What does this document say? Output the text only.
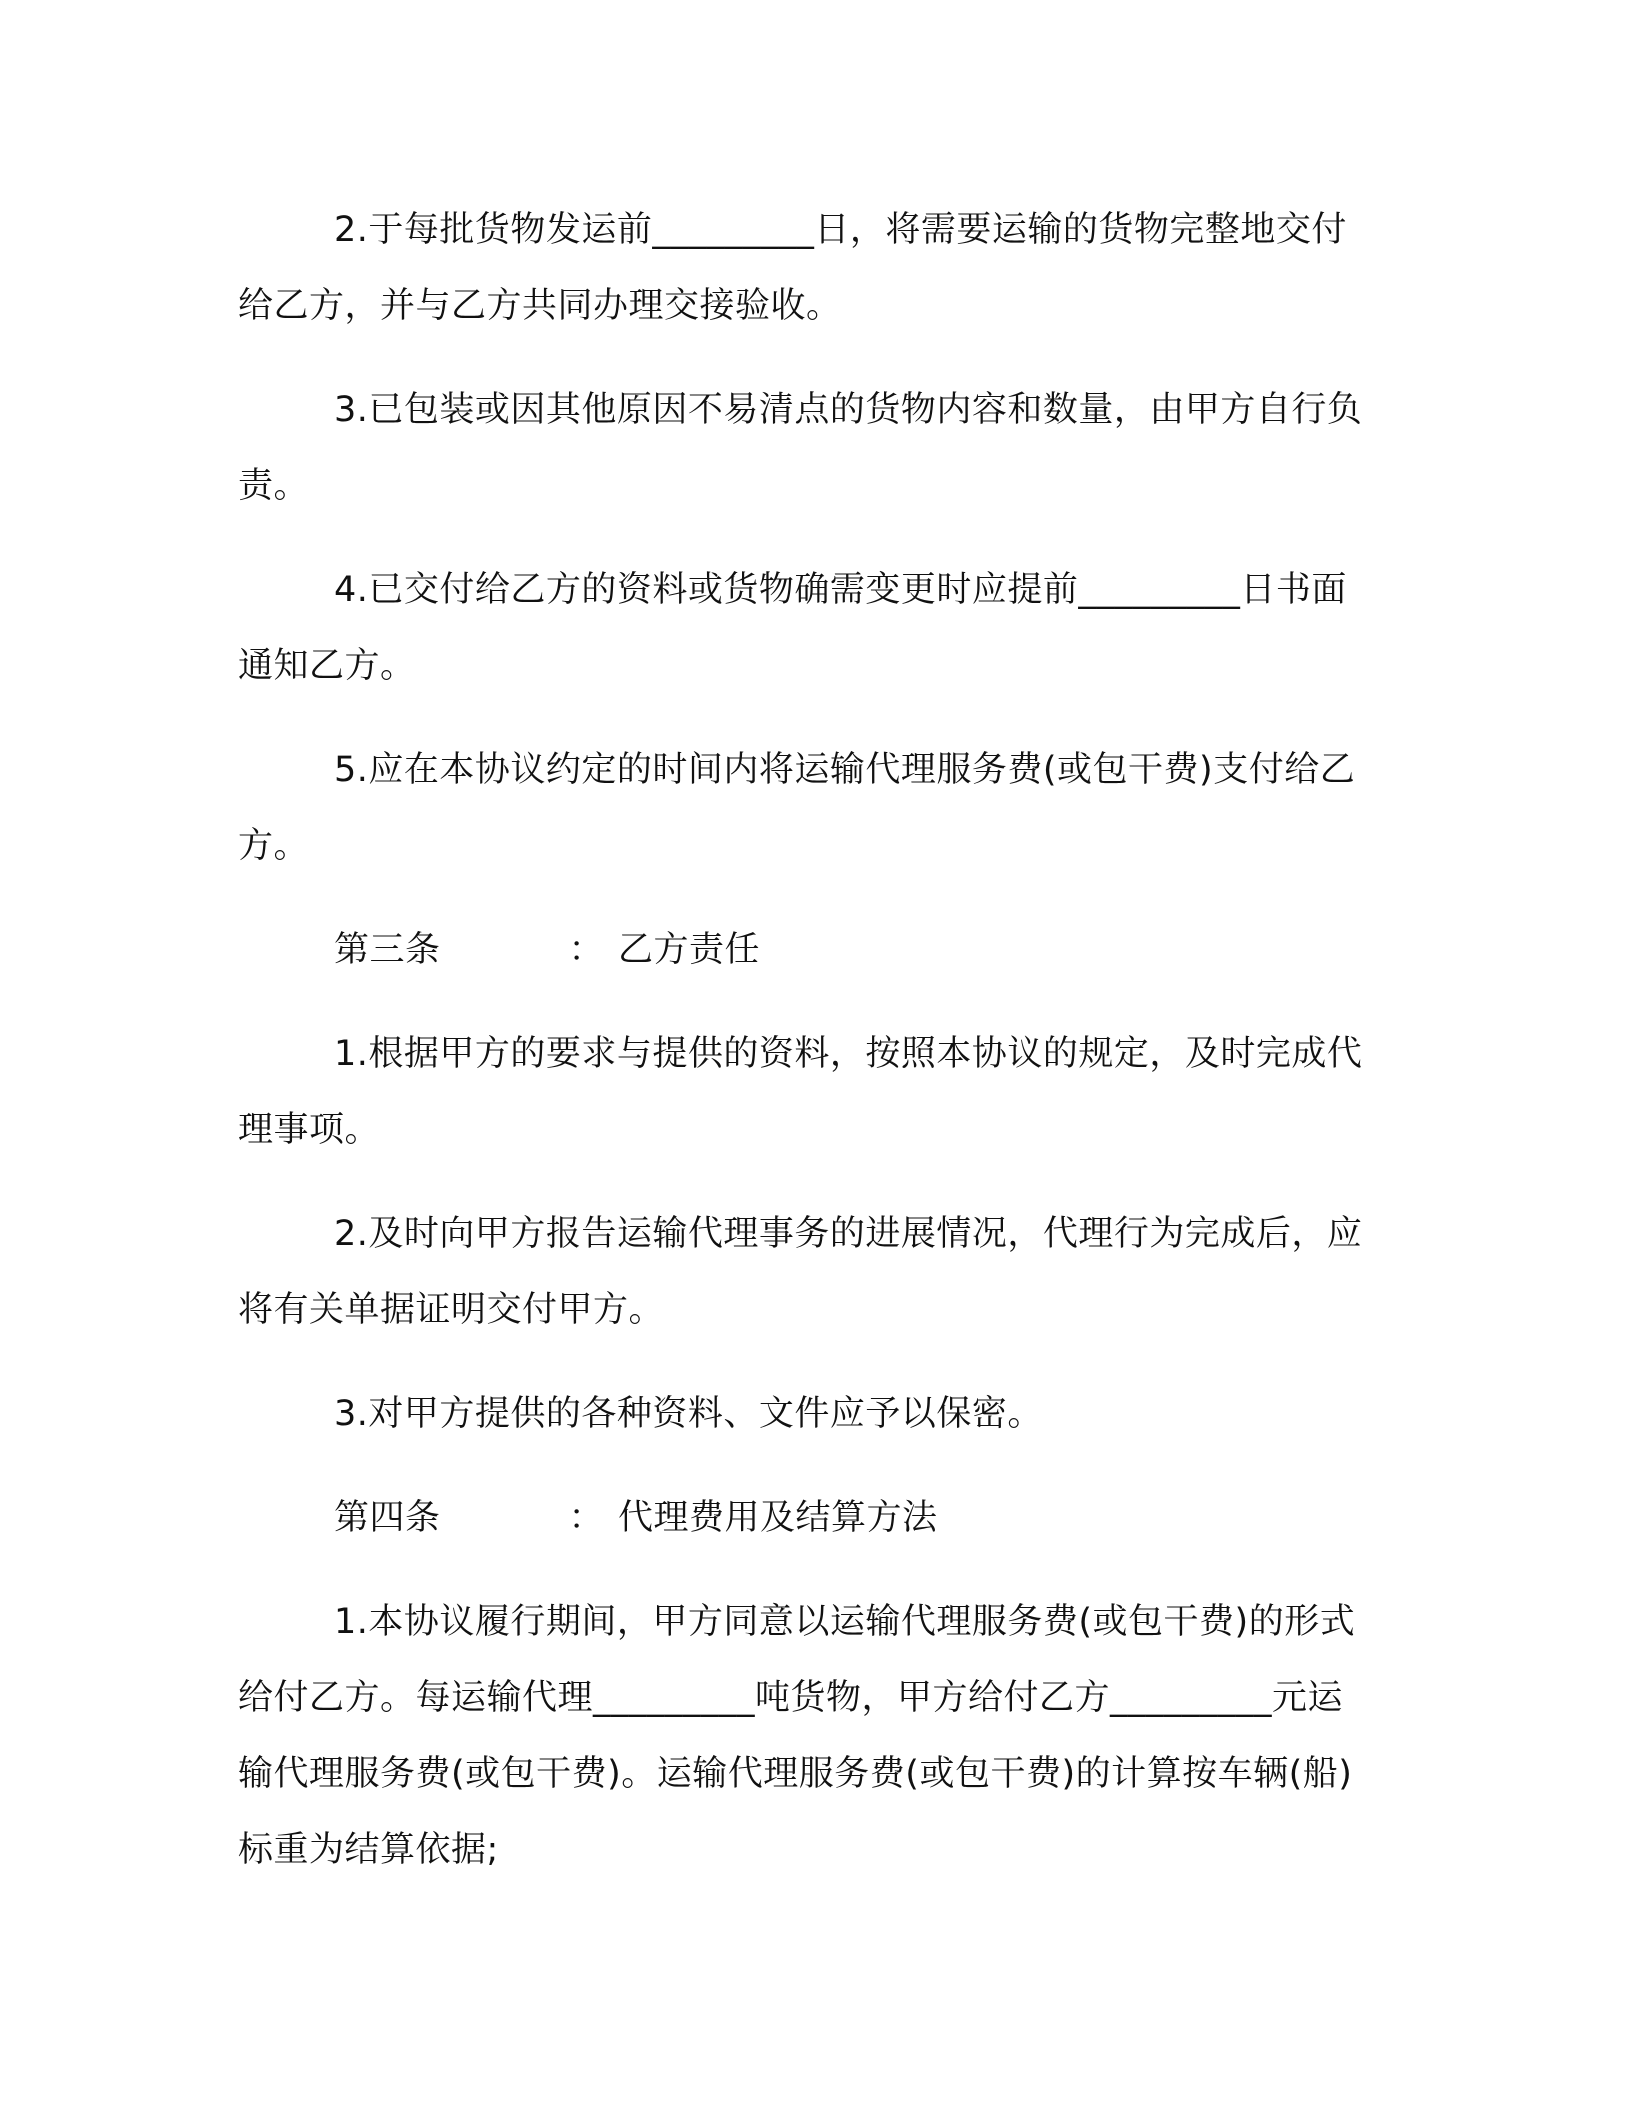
2.于每批货物发运前_________日，将需要运输的货物完整地交付给乙方，并与乙方共同办理交接验收。

3.已包装或因其他原因不易清点的货物内容和数量，由甲方自行负责。

4.已交付给乙方的资料或货物确需变更时应提前_________日书面通知乙方。

5.应在本协议约定的时间内将运输代理服务费(或包干费)支付给乙方。

第三条	： 乙方责任

1.根据甲方的要求与提供的资料，按照本协议的规定，及时完成代理事项。

2.及时向甲方报告运输代理事务的进展情况，代理行为完成后，应将有关单据证明交付甲方。

3.对甲方提供的各种资料、文件应予以保密。

第四条	： 代理费用及结算方法

1.本协议履行期间，甲方同意以运输代理服务费(或包干费)的形式给付乙方。每运输代理_________吨货物，甲方给付乙方_________元运输代理服务费(或包干费)。运输代理服务费(或包干费)的计算按车辆(船)标重为结算依据;
